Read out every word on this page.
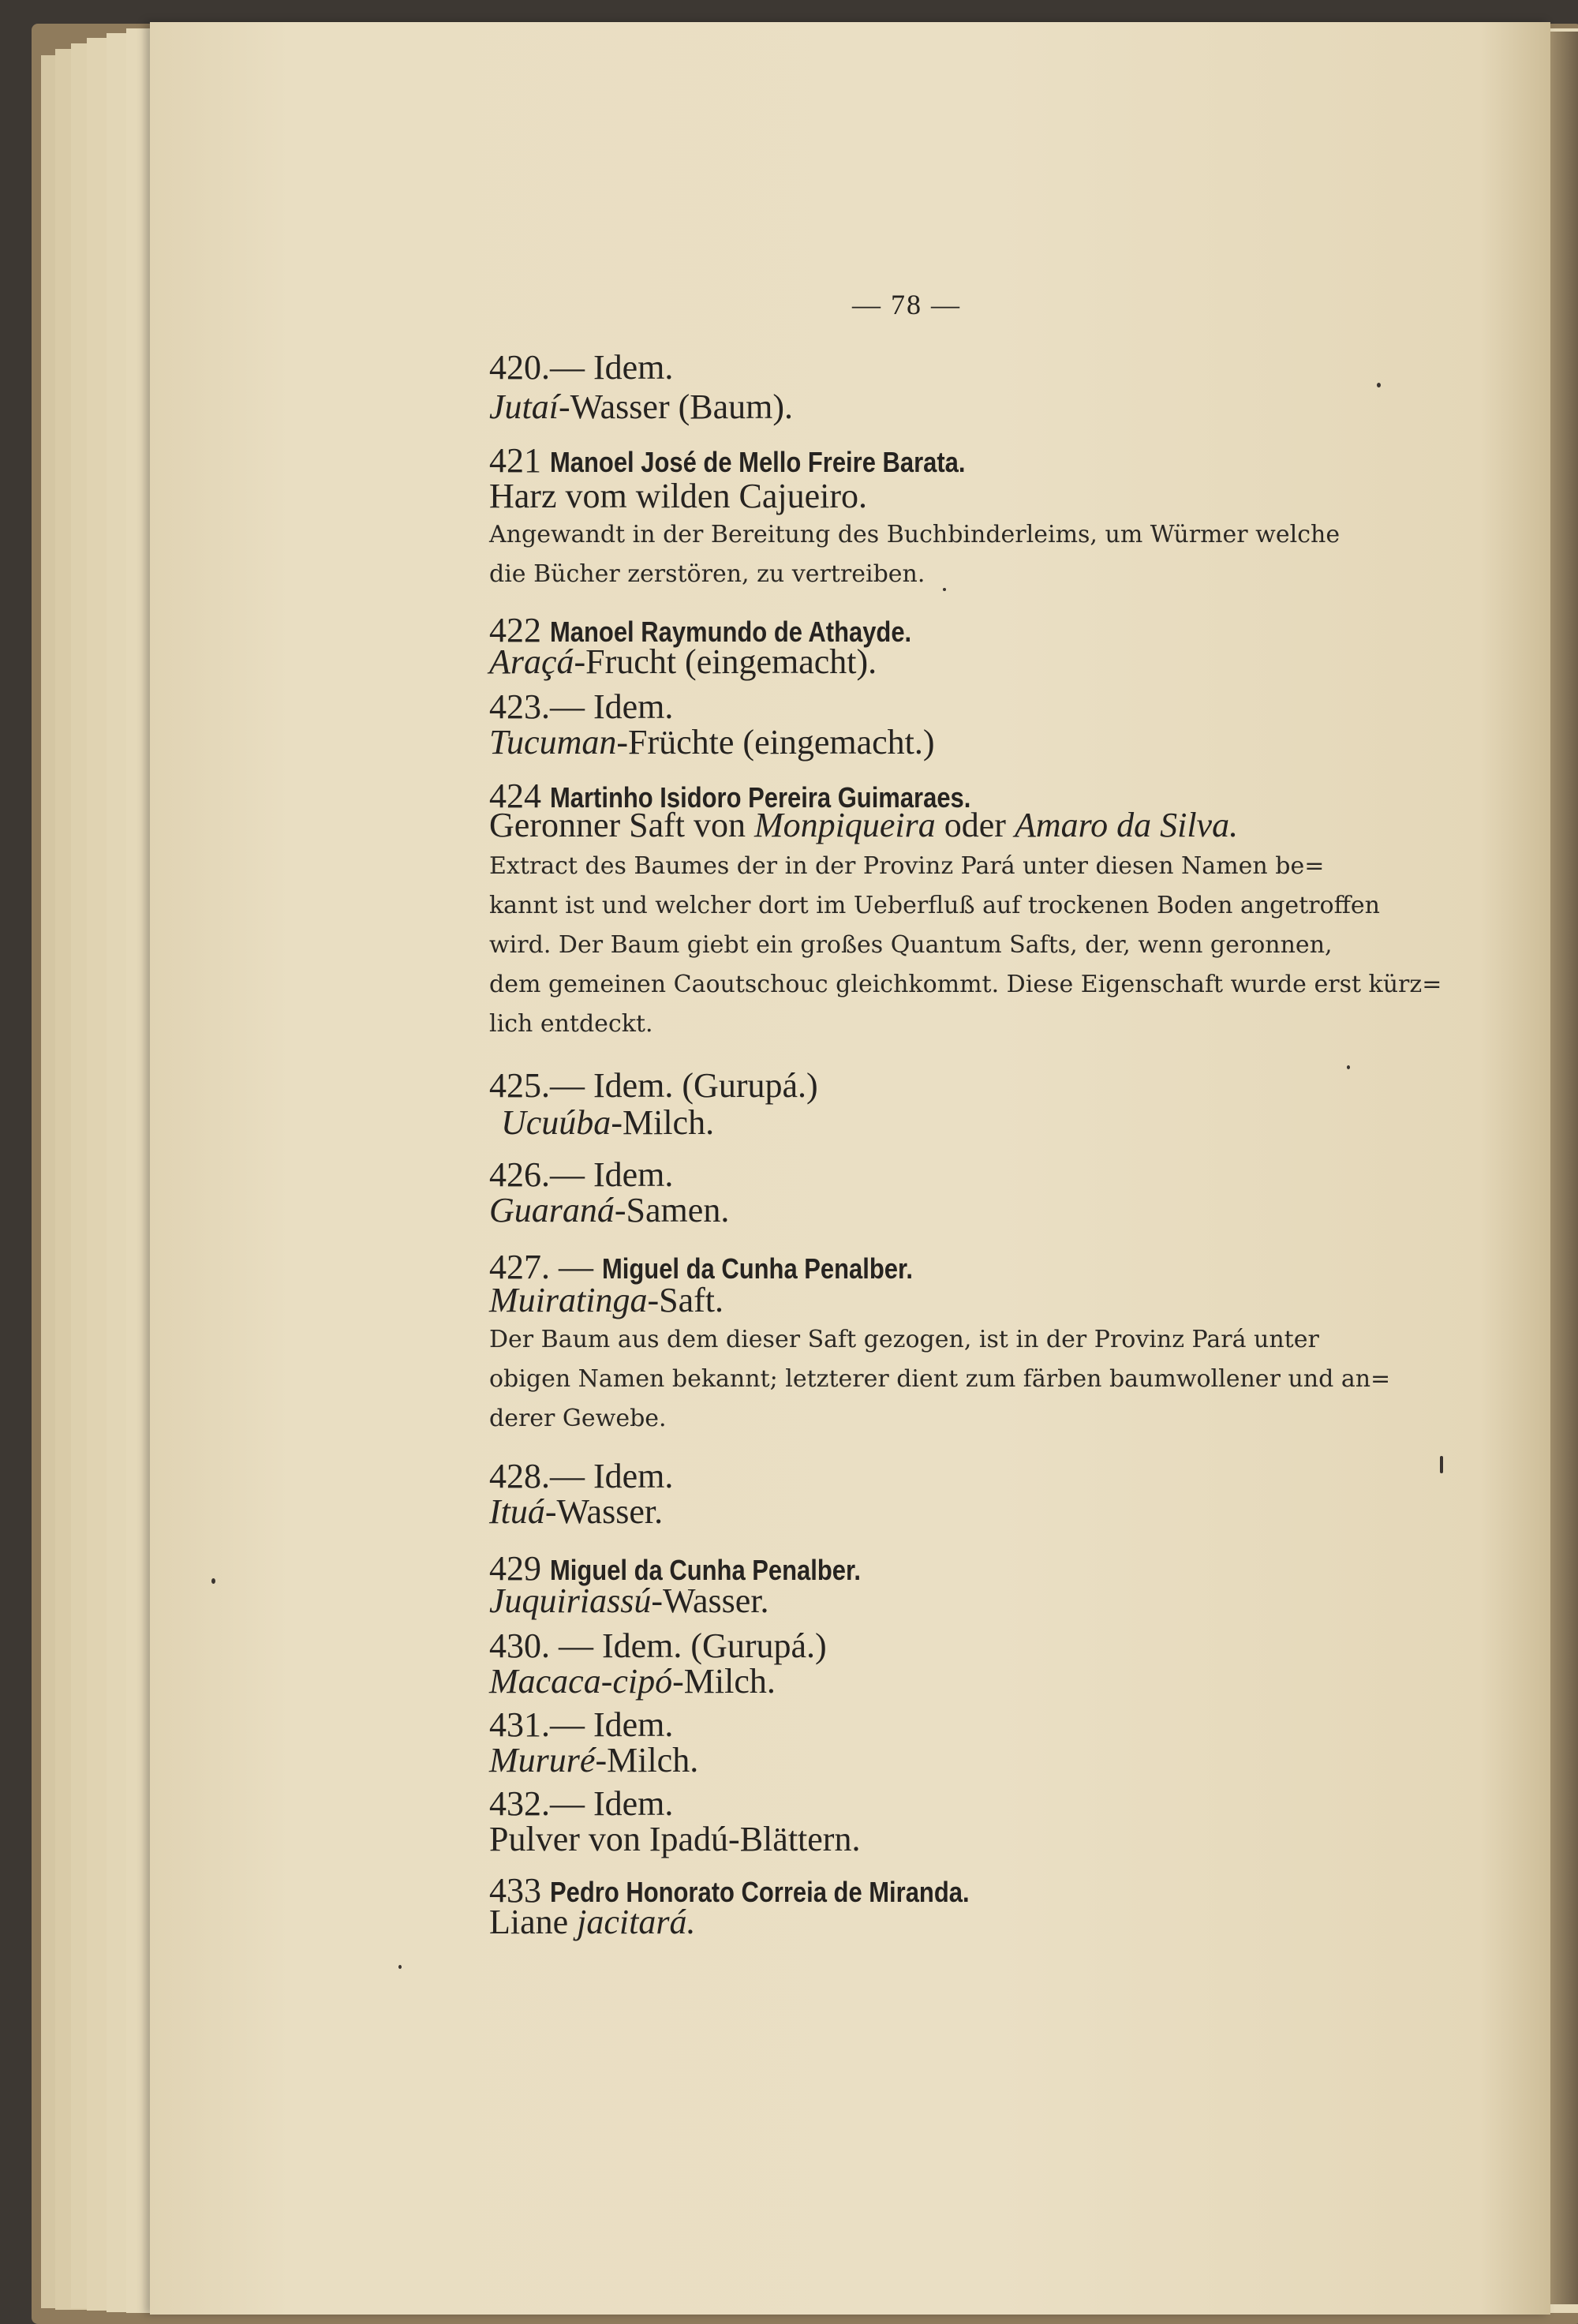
— 78 —
420.— Idem.
Jutaí-Wasser (Baum).
421 Manoel José de Mello Freire Barata.
Harz vom wilden Cajueiro.
Angewandt in der Bereitung des Buchbinderleims, um Würmer welche
die Bücher zerstören, zu vertreiben.
422 Manoel Raymundo de Athayde.
Araçá-Frucht (eingemacht).
423.— Idem.
Tucuman-Früchte (eingemacht.)
424 Martinho Isidoro Pereira Guimaraes.
Geronner Saft von Monpiqueira oder Amaro da Silva.
Extract des Baumes der in der Provinz Pará unter diesen Namen be=
kannt ist und welcher dort im Ueberfluß auf trockenen Boden angetroffen
wird. Der Baum giebt ein großes Quantum Safts, der, wenn geronnen,
dem gemeinen Caoutschouc gleichkommt. Diese Eigenschaft wurde erst kürz=
lich entdeckt.
425.— Idem. (Gurupá.)
Ucuúba-Milch.
426.— Idem.
Guaraná-Samen.
427. — Miguel da Cunha Penalber.
Muiratinga-Saft.
Der Baum aus dem dieser Saft gezogen, ist in der Provinz Pará unter
obigen Namen bekannt; letzterer dient zum färben baumwollener und an=
derer Gewebe.
428.— Idem.
Ituá-Wasser.
429 Miguel da Cunha Penalber.
Juquiriassú-Wasser.
430. — Idem. (Gurupá.)
Macaca-cipó-Milch.
431.— Idem.
Mururé-Milch.
432.— Idem.
Pulver von Ipadú-Blättern.
433 Pedro Honorato Correia de Miranda.
Liane jacitará.
